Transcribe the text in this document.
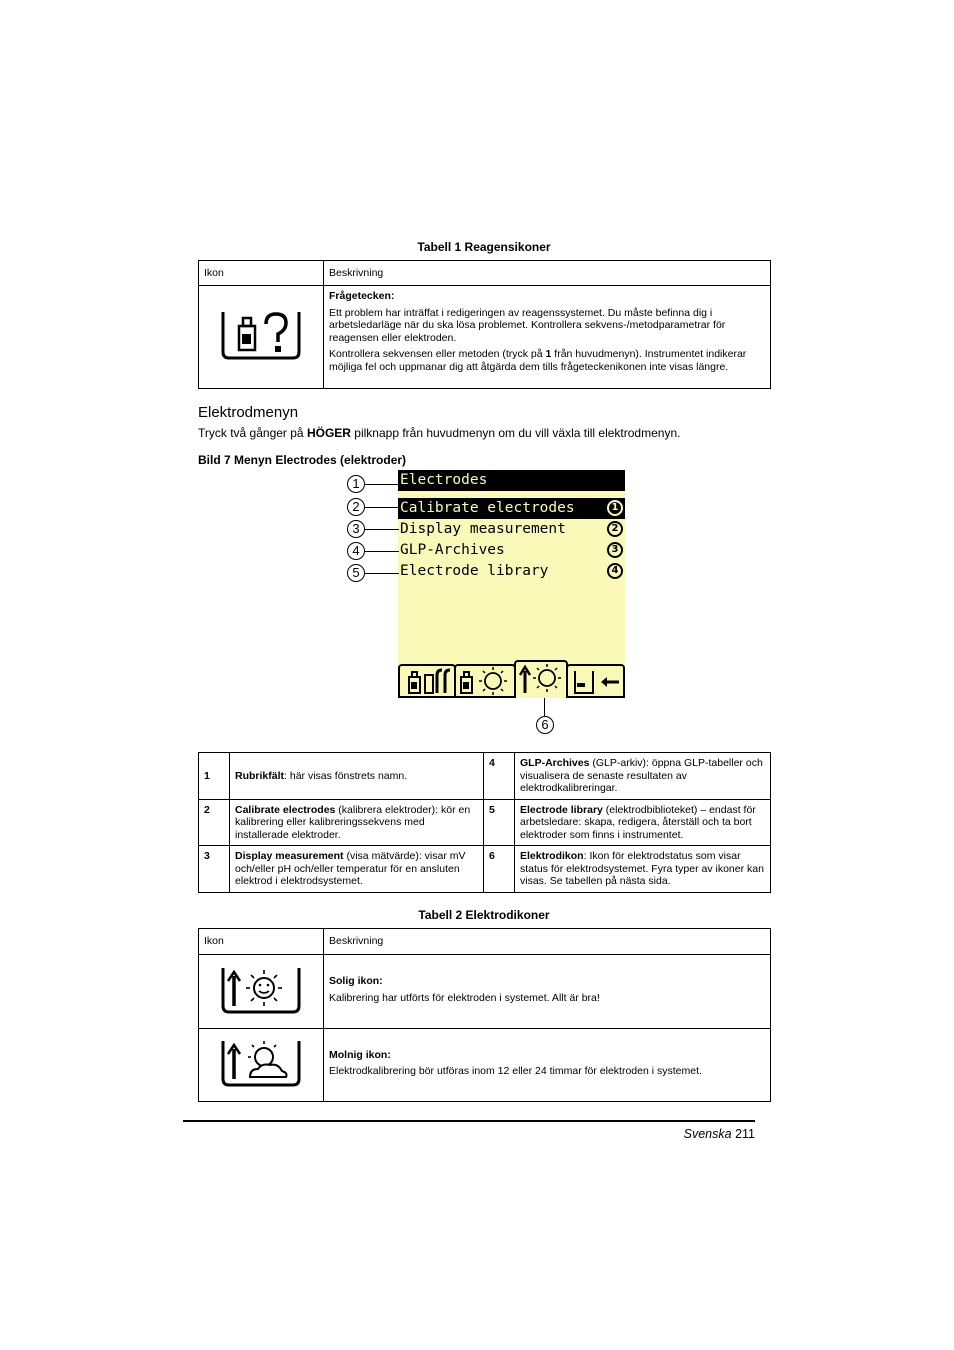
Tabell 1 Reagensikoner
Ikon	Beskrivning

Frågetecken:

Ett problem har inträffat i redigeringen av reagenssystemet. Du måste befinna dig i arbetsledarläge när du ska lösa problemet. Kontrollera sekvens-/metodparametrar för reagensen eller elektroden.

Kontrollera sekvensen eller metoden (tryck på 1 från huvudmenyn). Instrumentet indikerar möjliga fel och uppmanar dig att åtgärda dem tills frågeteckenikonen inte visas längre.

Elektrodmenyn
Tryck två gånger på HÖGER pilknapp från huvudmenyn om du vill växla till elektrodmenyn.
Bild 7 Menyn Electrodes (elektroder)
Electrodes
Calibrate electrodes	1
Display measurement	2
GLP-Archives	3
Electrode library	4
1
2
3
4
5
6
1	Rubrikfält: här visas fönstrets namn.	4	GLP-Archives (GLP-arkiv): öppna GLP-tabeller och visualisera de senaste resultaten av elektrodkalibreringar.
2	Calibrate electrodes (kalibrera elektroder): kör en kalibrering eller kalibreringssekvens med installerade elektroder.	5	Electrode library (elektrodbiblioteket) – endast för arbetsledare: skapa, redigera, återställ och ta bort elektroder som finns i instrumentet.
3	Display measurement (visa mätvärde): visar mV och/eller pH och/eller temperatur för en ansluten elektrod i elektrodsystemet.	6	Elektrodikon: Ikon för elektrodstatus som visar status för elektrodsystemet. Fyra typer av ikoner kan visas. Se tabellen på nästa sida.
Tabell 2 Elektrodikoner
Ikon	Beskrivning

Solig ikon:

Kalibrering har utförts för elektroden i systemet. Allt är bra!

Molnig ikon:

Elektrodkalibrering bör utföras inom 12 eller 24 timmar för elektroden i systemet.

Svenska 211
